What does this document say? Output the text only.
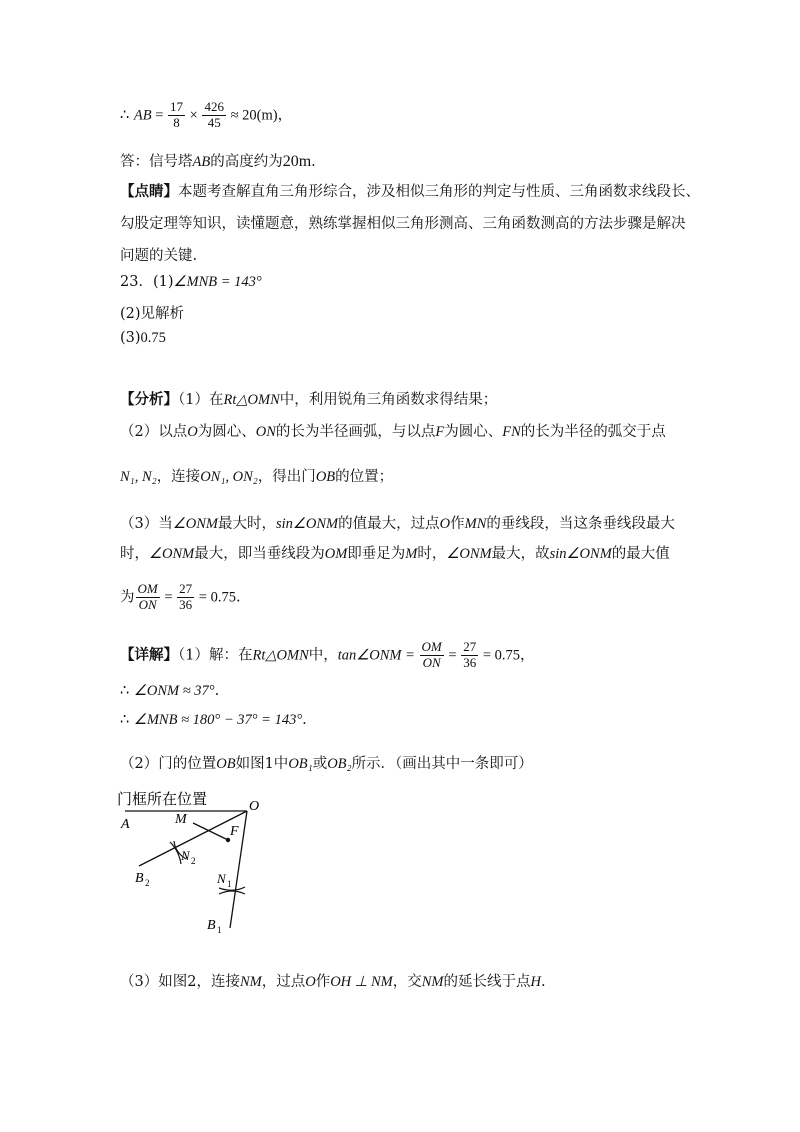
∴ AB = $\frac{17}{8} \times \frac{426}{45} \approx 20(m)$，
答：信号塔AB的高度约为20m.
【点睛】本题考查解直角三角形综合，涉及相似三角形的判定与性质、三角函数求线段长、
勾股定理等知识，读懂题意，熟练掌握相似三角形测高、三角函数测高的方法步骤是解决
问题的关键.
23．(1)∠MNB = 143°
(2)见解析
(3)0.75
【分析】（1）在Rt△OMN中，利用锐角三角函数求得结果；
（2）以点O为圆心、ON的长为半径画弧，与以点F为圆心、FN的长为半径的弧交于点
N₁, N₂，连接ON₁, ON₂，得出门OB的位置；
（3）当∠ONM最大时，sin∠ONM的值最大，过点O作MN的垂线段，当这条垂线段最大
时，∠ONM最大，即当垂线段为OM即垂足为M时，∠ONM最大，故sin∠ONM的最大值
为 $\frac{OM}{ON} = \frac{27}{36} = 0.75$.
【详解】（1）解：在Rt△OMN中，tan∠ONM = $\frac{OM}{ON} = \frac{27}{36} = 0.75$，
∴ ∠ONM ≈ 37°.
∴ ∠MNB ≈ 180° − 37° = 143°.
（2）门的位置OB如图1中OB₁或OB₂所示．（画出其中一条即可）
门框所在位置
A	M
O
F
N 2
B 2	N 1
B 1
（3）如图2，连接NM，过点O作OH ⊥ NM，交NM的延长线于点H.
